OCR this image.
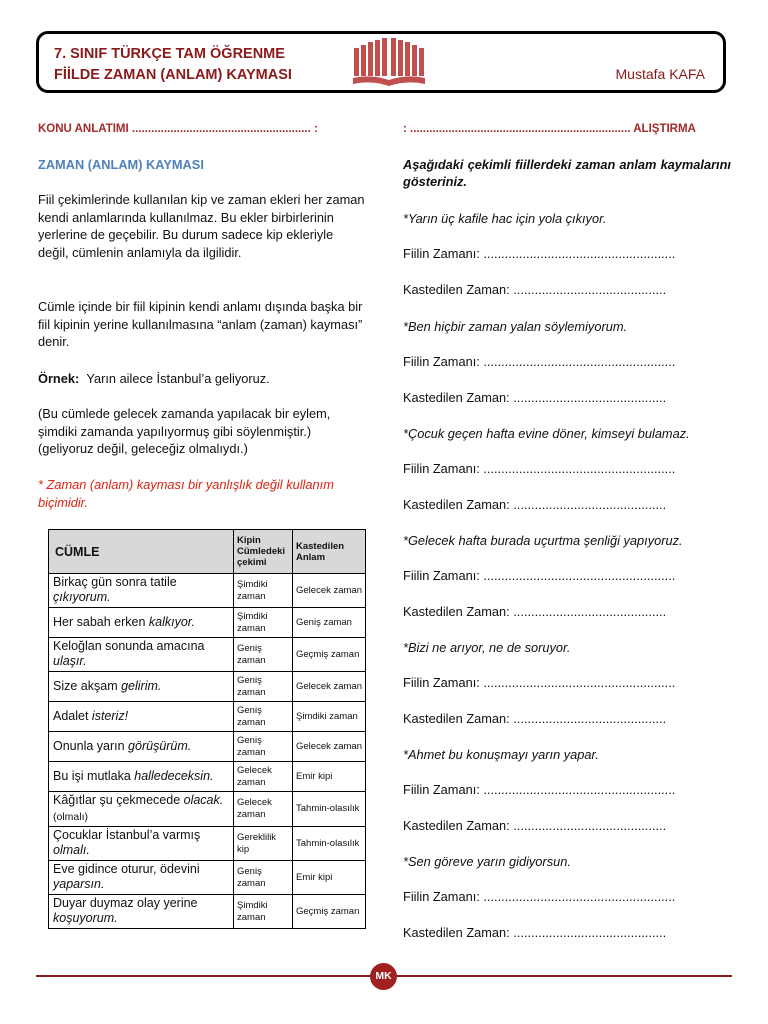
7. SINIF TÜRKÇE TAM ÖĞRENME
FİİLDE ZAMAN (ANLAM) KAYMASI	Mustafa KAFA
KONU ANLATIMI ........................................................ :	: ..................................................................... ALIŞTIRMA
ZAMAN (ANLAM) KAYMASI
Fiil çekimlerinde kullanılan kip ve zaman ekleri her zaman kendi anlamlarında kullanılmaz. Bu ekler birbirlerinin yerlerine de geçebilir. Bu durum sadece kip ekleriyle değil, cümlenin anlamıyla da ilgilidir.
Cümle içinde bir fiil kipinin kendi anlamı dışında başka bir fiil kipinin yerine kullanılmasına “anlam (zaman) kayması” denir.
Örnek: Yarın ailece İstanbul’a geliyoruz.
(Bu cümlede gelecek zamanda yapılacak bir eylem, şimdiki zamanda yapılıyormuş gibi söylenmiştir.) (geliyoruz değil, geleceğiz olmalıydı.)
* Zaman (anlam) kayması bir yanlışlık değil kullanım biçimidir.
CÜMLE	Kipin Cümledeki çekimi	Kastedilen Anlam
Birkaç gün sonra tatile çıkıyorum.	Şimdiki zaman	Gelecek zaman
Her sabah erken kalkıyor.	Şimdiki zaman	Geniş zaman
Keloğlan sonunda amacına ulaşır.	Geniş zaman	Geçmiş zaman
Size akşam gelirim.	Geniş zaman	Gelecek zaman
Adalet isteriz!	Geniş zaman	Şimdiki zaman
Onunla yarın görüşürüm.	Geniş zaman	Gelecek zaman
Bu işi mutlaka halledeceksin.	Gelecek zaman	Emir kipi
Kâğıtlar şu çekmecede olacak. (olmalı)	Gelecek zaman	Tahmin-olasılık
Çocuklar İstanbul’a varmış olmalı.	Gereklilik kip	Tahmin-olasılık
Eve gidince oturur, ödevini yaparsın.	Geniş zaman	Emir kipi
Duyar duymaz olay yerine koşuyorum.	Şimdiki zaman	Geçmiş zaman
Aşağıdaki çekimli fiillerdeki zaman anlam kaymalarını gösteriniz.
*Yarın üç kafile hac için yola çıkıyor.
Fiilin Zamanı: ......................................................
Kastedilen Zaman: ...........................................
*Ben hiçbir zaman yalan söylemiyorum.
Fiilin Zamanı: ......................................................
Kastedilen Zaman: ...........................................
*Çocuk geçen hafta evine döner, kimseyi bulamaz.
Fiilin Zamanı: ......................................................
Kastedilen Zaman: ...........................................
*Gelecek hafta burada uçurtma şenliği yapıyoruz.
Fiilin Zamanı: ......................................................
Kastedilen Zaman: ...........................................
*Bizi ne arıyor, ne de soruyor.
Fiilin Zamanı: ......................................................
Kastedilen Zaman: ...........................................
*Ahmet bu konuşmayı yarın yapar.
Fiilin Zamanı: ......................................................
Kastedilen Zaman: ...........................................
*Sen göreve yarın gidiyorsun.
Fiilin Zamanı: ......................................................
Kastedilen Zaman: ...........................................
MK
